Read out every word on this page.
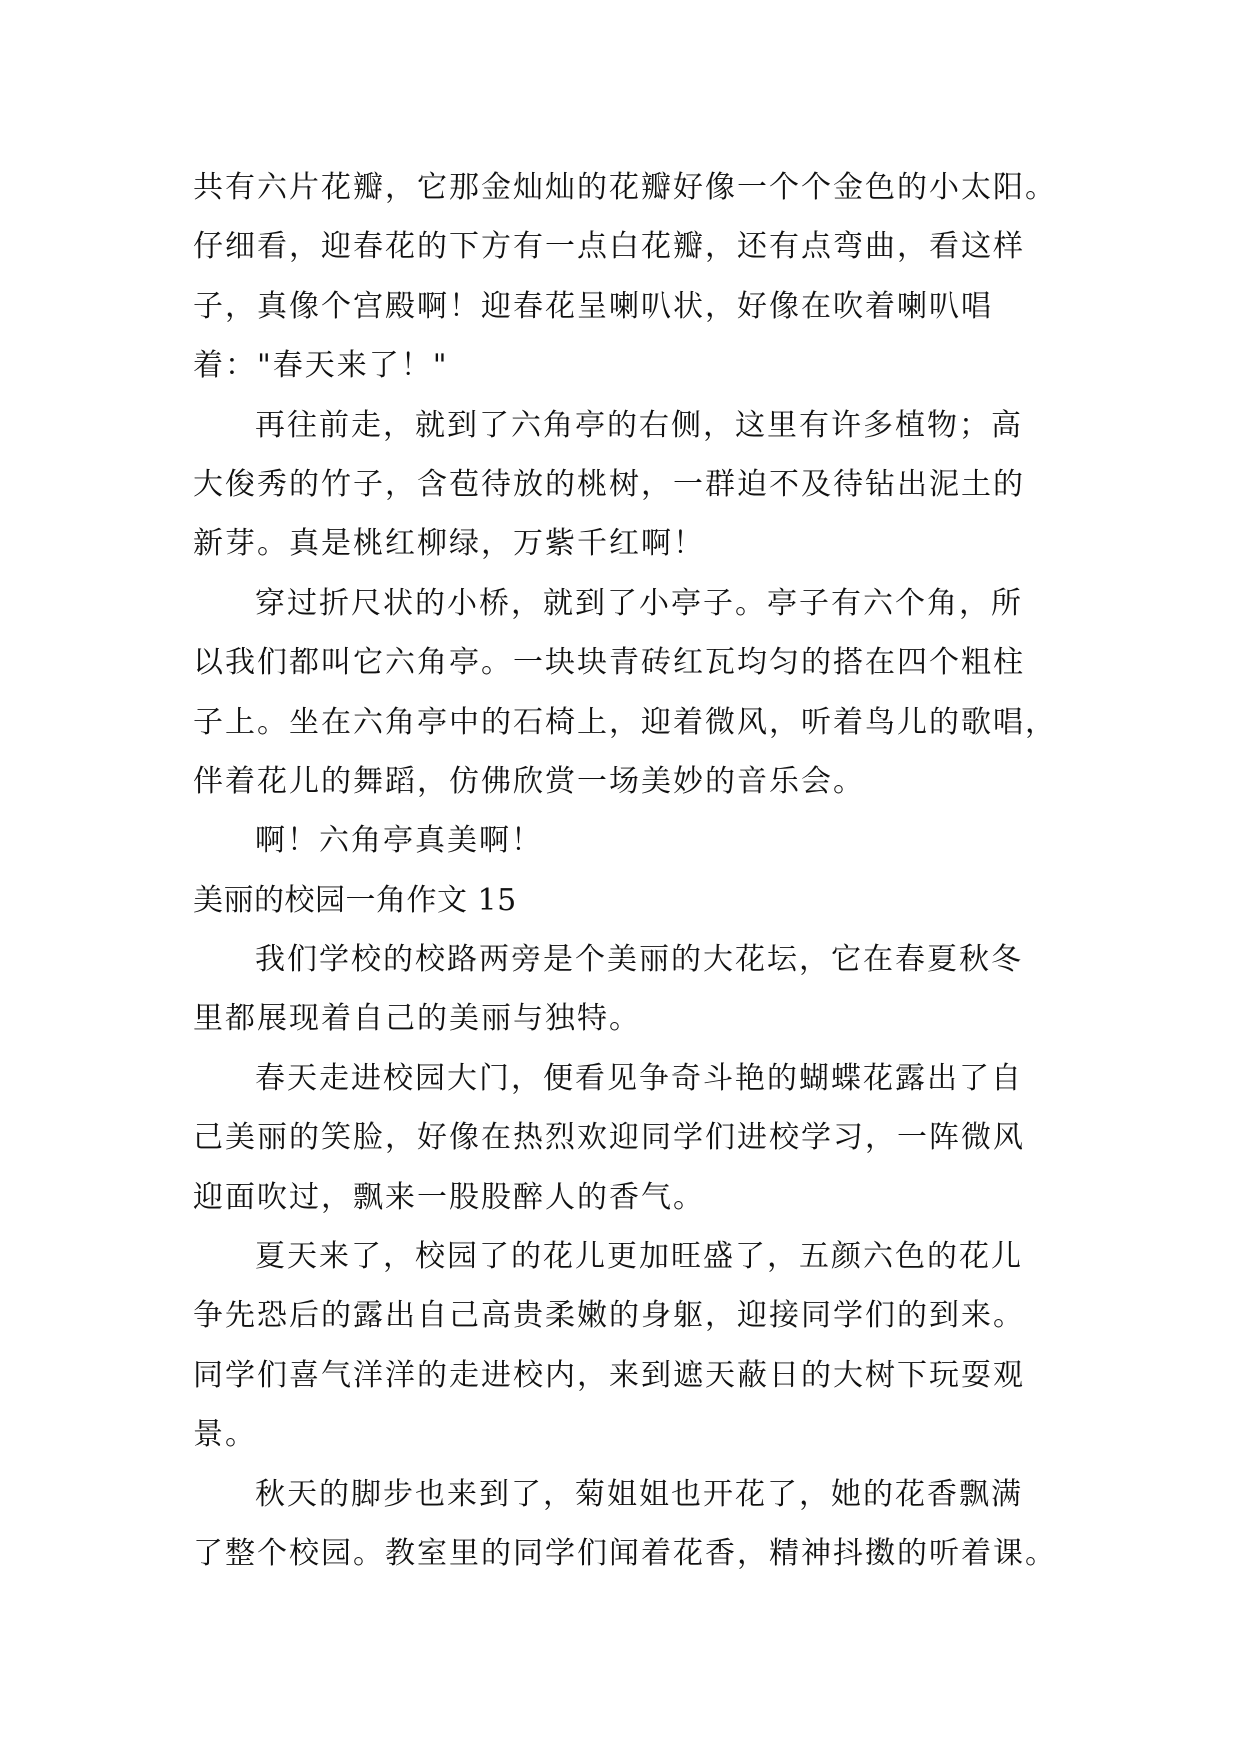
共有六片花瓣，它那金灿灿的花瓣好像一个个金色的小太阳。
仔细看，迎春花的下方有一点白花瓣，还有点弯曲，看这样
子，真像个宫殿啊！迎春花呈喇叭状，好像在吹着喇叭唱
着："春天来了！"
再往前走，就到了六角亭的右侧，这里有许多植物；高
大俊秀的竹子，含苞待放的桃树，一群迫不及待钻出泥土的
新芽。真是桃红柳绿，万紫千红啊！
穿过折尺状的小桥，就到了小亭子。亭子有六个角，所
以我们都叫它六角亭。一块块青砖红瓦均匀的搭在四个粗柱
子上。坐在六角亭中的石椅上，迎着微风，听着鸟儿的歌唱，
伴着花儿的舞蹈，仿佛欣赏一场美妙的音乐会。
啊！六角亭真美啊！
美丽的校园一角作文 15
我们学校的校路两旁是个美丽的大花坛，它在春夏秋冬
里都展现着自己的美丽与独特。
春天走进校园大门，便看见争奇斗艳的蝴蝶花露出了自
己美丽的笑脸，好像在热烈欢迎同学们进校学习，一阵微风
迎面吹过，飘来一股股醉人的香气。
夏天来了，校园了的花儿更加旺盛了，五颜六色的花儿
争先恐后的露出自己高贵柔嫩的身躯，迎接同学们的到来。
同学们喜气洋洋的走进校内，来到遮天蔽日的大树下玩耍观
景。
秋天的脚步也来到了，菊姐姐也开花了，她的花香飘满
了整个校园。教室里的同学们闻着花香，精神抖擞的听着课。
